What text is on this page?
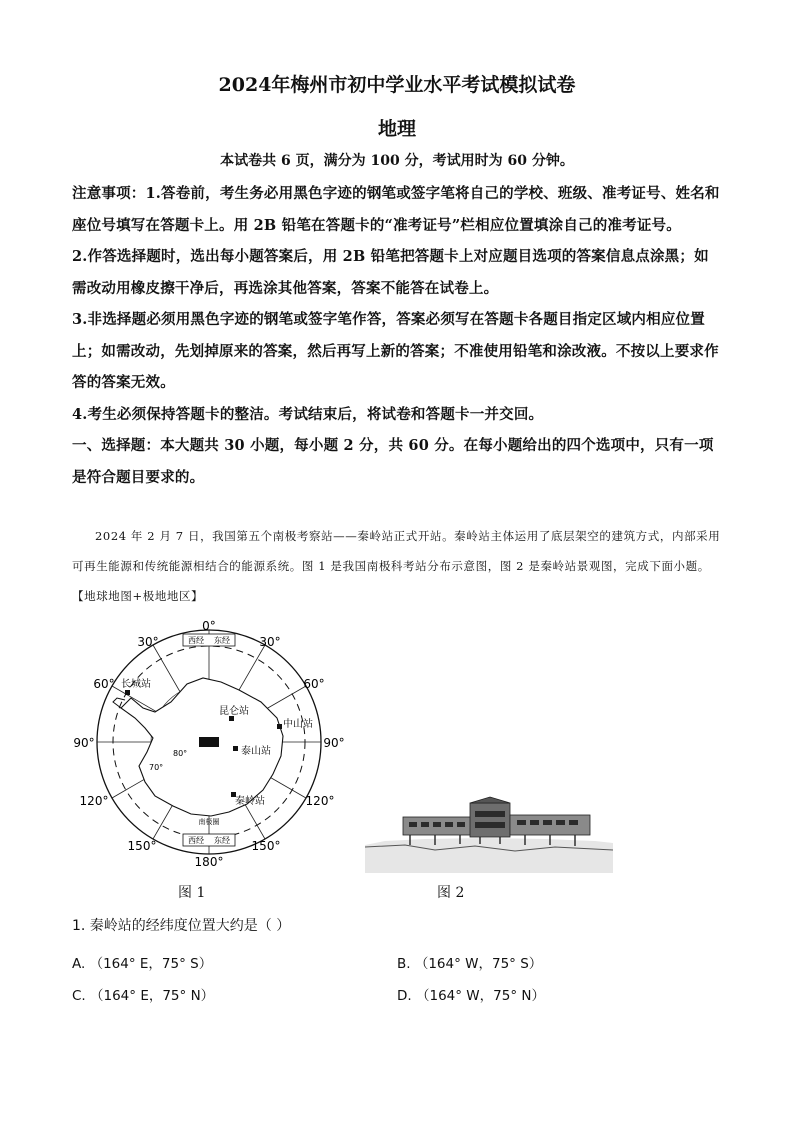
2024年梅州市初中学业水平考试模拟试卷
地理
本试卷共 6 页，满分为 100 分，考试用时为 60 分钟。

注意事项：1.答卷前，考生务必用黑色字迹的钢笔或签字笔将自己的学校、班级、准考证号、姓名和座位号填写在答题卡上。用 2B 铅笔在答题卡的“准考证号”栏相应位置填涂自己的准考证号。

2.作答选择题时，选出每小题答案后，用 2B 铅笔把答题卡上对应题目选项的答案信息点涂黑；如需改动用橡皮擦干净后，再选涂其他答案，答案不能答在试卷上。

3.非选择题必须用黑色字迹的钢笔或签字笔作答，答案必须写在答题卡各题目指定区域内相应位置上；如需改动，先划掉原来的答案，然后再写上新的答案；不准使用铅笔和涂改液。不按以上要求作答的答案无效。

4.考生必须保持答题卡的整洁。考试结束后，将试卷和答题卡一并交回。

一、选择题：本大题共 30 小题，每小题 2 分，共 60 分。在每小题给出的四个选项中，只有一项是符合题目要求的。

2024 年 2 月 7 日，我国第五个南极考察站——秦岭站正式开站。秦岭站主体运用了底层架空的建筑方式，内部采用可再生能源和传统能源相结合的能源系统。图 1 是我国南极科考站分布示意图，图 2 是秦岭站景观图，完成下面小题。【地球地图+极地地区】
西经 东经
西经 东经
南极圈
80°
70°
长城站
昆仑站
中山站
泰山站
秦岭站
0°
30°	30°
60°	60°
90°	90°
120°	120°
150°	150°
180°
图 1	图 2
1. 秦岭站的经纬度位置大约是（ ）
A. （164° E，75° S）	B. （164° W，75° S）
C. （164° E，75° N）	D. （164° W，75° N）
